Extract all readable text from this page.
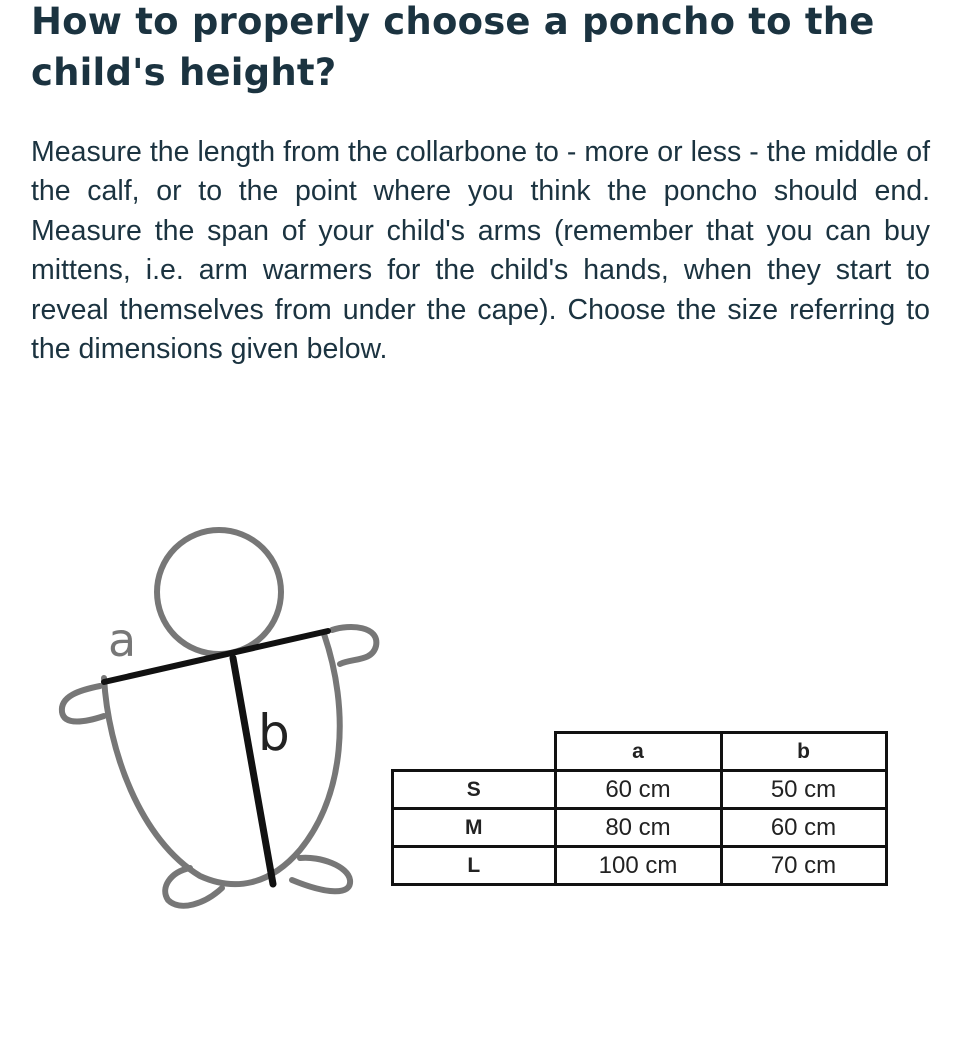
How to properly choose a poncho to the child's height?

Measure the length from the collarbone to - more or less - the middle of the calf, or to the point where you think the poncho should end. Measure the span of your child's arms (remember that you can buy mittens, i.e. arm warmers for the child's hands, when they start to reveal themselves from under the cape). Choose the size referring to the dimensions given below.

a
b
		a	b
S	60 cm	50 cm
M	80 cm	60 cm
L	100 cm	70 cm
